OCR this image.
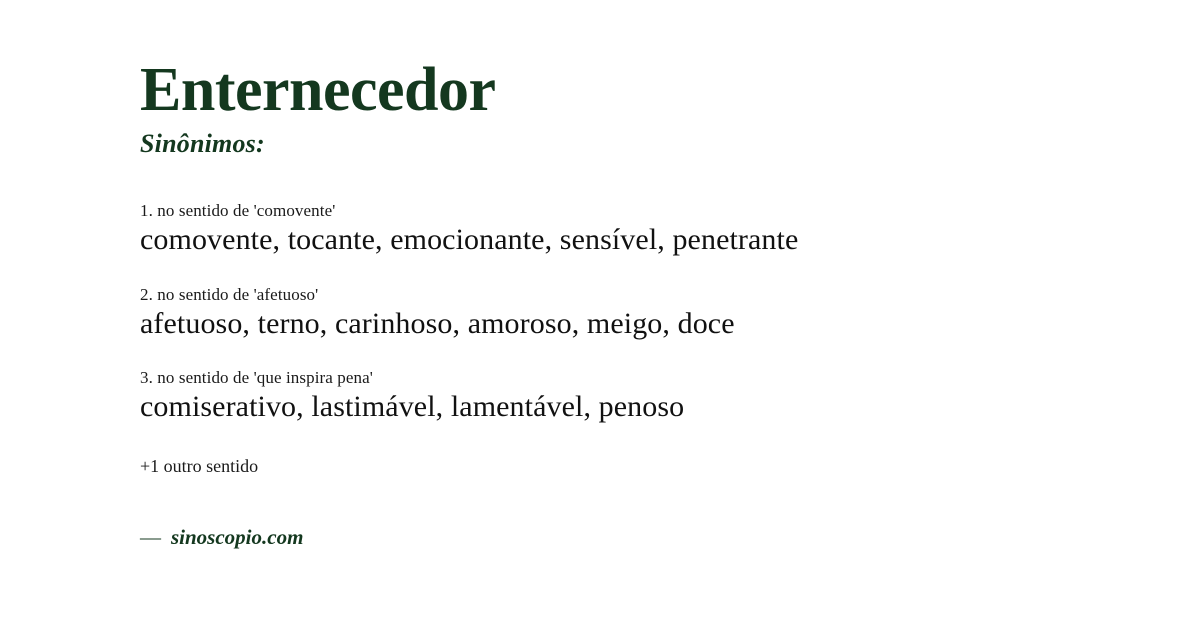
Enternecedor
Sinônimos:
1. no sentido de 'comovente'
comovente, tocante, emocionante, sensível, penetrante
2. no sentido de 'afetuoso'
afetuoso, terno, carinhoso, amoroso, meigo, doce
3. no sentido de 'que inspira pena'
comiserativo, lastimável, lamentável, penoso
+1 outro sentido
— sinoscopio.com
